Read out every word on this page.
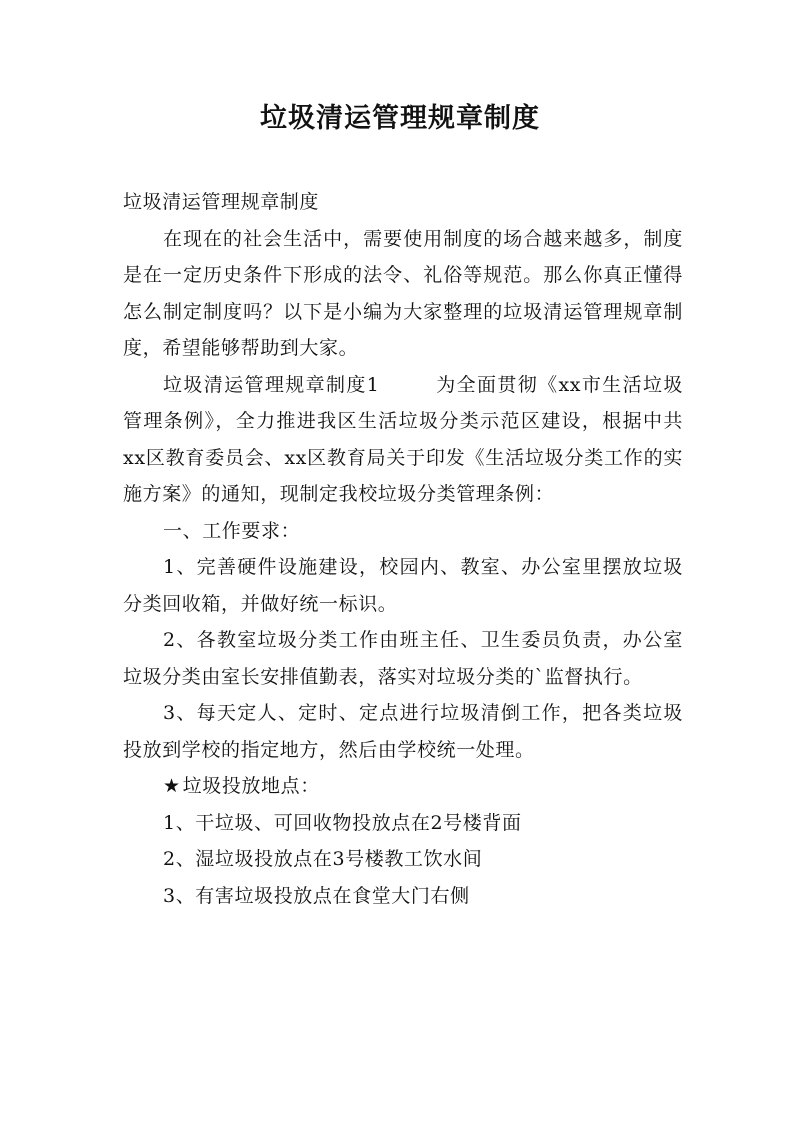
垃圾清运管理规章制度

垃圾清运管理规章制度

在现在的社会生活中，需要使用制度的场合越来越多，制度是在一定历史条件下形成的法令、礼俗等规范。那么你真正懂得怎么制定制度吗？以下是小编为大家整理的垃圾清运管理规章制度，希望能够帮助到大家。

垃圾清运管理规章制度1	为全面贯彻《xx市生活垃圾管理条例》，全力推进我区生活垃圾分类示范区建设，根据中共xx区教育委员会、xx区教育局关于印发《生活垃圾分类工作的实施方案》的通知，现制定我校垃圾分类管理条例：

一、工作要求：

1、完善硬件设施建设，校园内、教室、办公室里摆放垃圾分类回收箱，并做好统一标识。

2、各教室垃圾分类工作由班主任、卫生委员负责，办公室垃圾分类由室长安排值勤表，落实对垃圾分类的`监督执行。

3、每天定人、定时、定点进行垃圾清倒工作，把各类垃圾投放到学校的指定地方，然后由学校统一处理。

★ 垃圾投放地点：

1、干垃圾、可回收物投放点在2号楼背面

2、湿垃圾投放点在3号楼教工饮水间

3、有害垃圾投放点在食堂大门右侧
